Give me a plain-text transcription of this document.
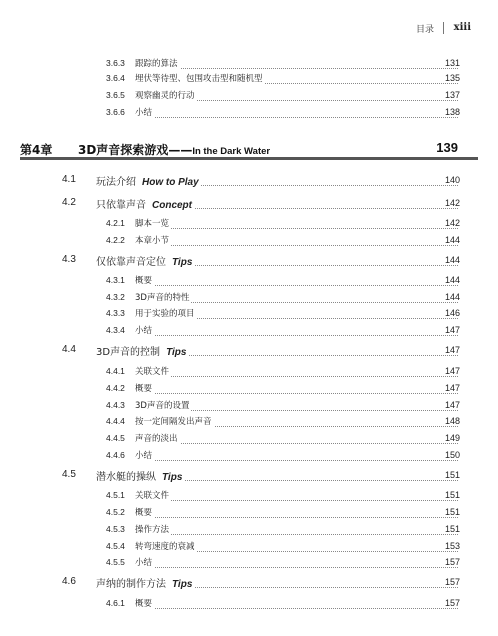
目录 xiii
3.6.3 跟踪的算法	131
3.6.4 埋伏等待型、包围攻击型和随机型	135
3.6.5 观察幽灵的行动	137
3.6.6 小结	138
第4章 3D声音探索游戏——In the Dark Water	139
4.1 玩法介绍 How to Play	140
4.2 只依靠声音 Concept	142
4.2.1 脚本一览	142
4.2.2 本章小节	144
4.3 仅依靠声音定位 Tips	144
4.3.1 概要	144
4.3.2 3D声音的特性	144
4.3.3 用于实验的项目	146
4.3.4 小结	147
4.4 3D声音的控制 Tips	147
4.4.1 关联文件	147
4.4.2 概要	147
4.4.3 3D声音的设置	147
4.4.4 按一定间隔发出声音	148
4.4.5 声音的淡出	149
4.4.6 小结	150
4.5 潜水艇的操纵 Tips	151
4.5.1 关联文件	151
4.5.2 概要	151
4.5.3 操作方法	151
4.5.4 转弯速度的衰减	153
4.5.5 小结	157
4.6 声纳的制作方法 Tips	157
4.6.1 概要	157
